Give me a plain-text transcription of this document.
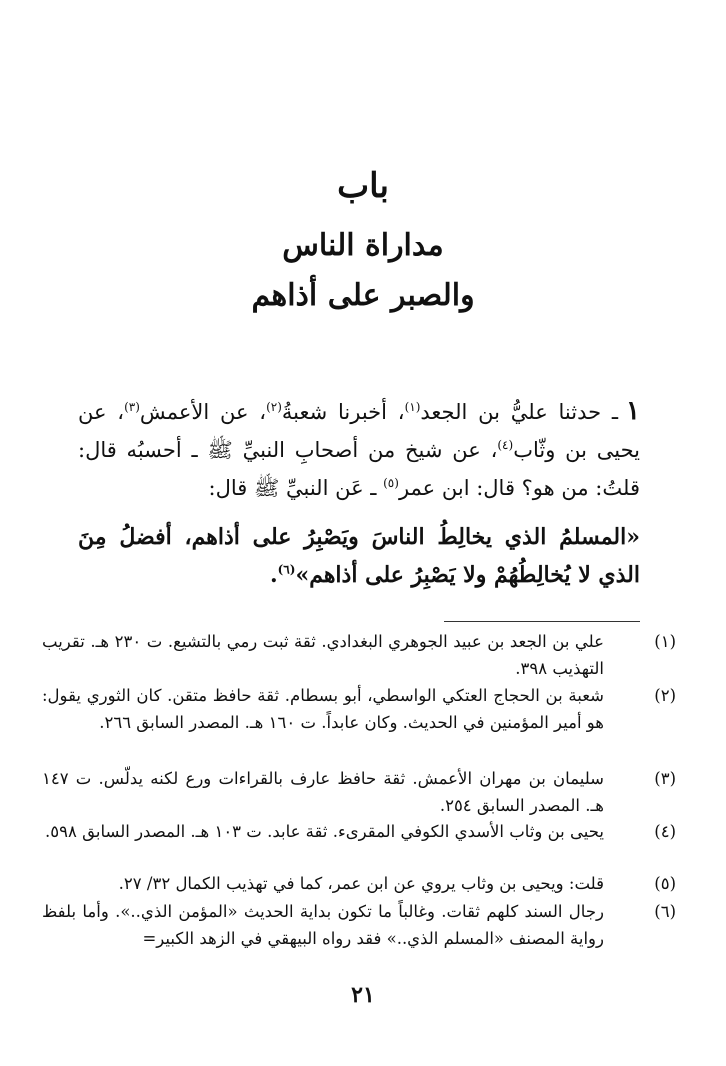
باب
مداراة الناس
والصبر على أذاهم
١ـ حدثنا عليُّ بن الجعد$^{(١)}$، أخبرنا شعبةُ$^{(٢)}$، عن الأعمش$^{(٣)}$، عن يحيى بن وثّاب$^{(٤)}$، عن شيخ من أصحابِ النبيِّ ﷺ ـ أحسبُه قال: قلتُ: من هو؟ قال: ابن عمر$^{(٥)}$ ـ عَن النبيِّ ﷺ قال:
«المسلمُ الذي يخالِطُ الناسَ ويَصْبِرُ على أذاهم، أفضلُ مِنَ الذي لا يُخالِطُهُمْ ولا يَصْبِرُ على أذاهم»$^{(٦)}$.
(١)علي بن الجعد بن عبيد الجوهري البغدادي. ثقة ثبت رمي بالتشيع. ت ٢٣٠ هـ. تقريب التهذيب ٣٩٨.
(٢)شعبة بن الحجاج العتكي الواسطي، أبو بسطام. ثقة حافظ متقن. كان الثوري يقول: هو أمير المؤمنين في الحديث. وكان عابداً. ت ١٦٠ هـ. المصدر السابق ٢٦٦.
(٣)سليمان بن مهران الأعمش. ثقة حافظ عارف بالقراءات ورع لكنه يدلّس. ت ١٤٧ هـ. المصدر السابق ٢٥٤.
(٤)يحيى بن وثاب الأسدي الكوفي المقرىء. ثقة عابد. ت ١٠٣ هـ. المصدر السابق ٥٩٨.
(٥)قلت: ويحيى بن وثاب يروي عن ابن عمر، كما في تهذيب الكمال ٣٢/ ٢٧.
(٦)رجال السند كلهم ثقات. وغالباً ما تكون بداية الحديث «المؤمن الذي..». وأما بلفظ رواية المصنف «المسلم الذي..» فقد رواه البيهقي في الزهد الكبير=
٢١
